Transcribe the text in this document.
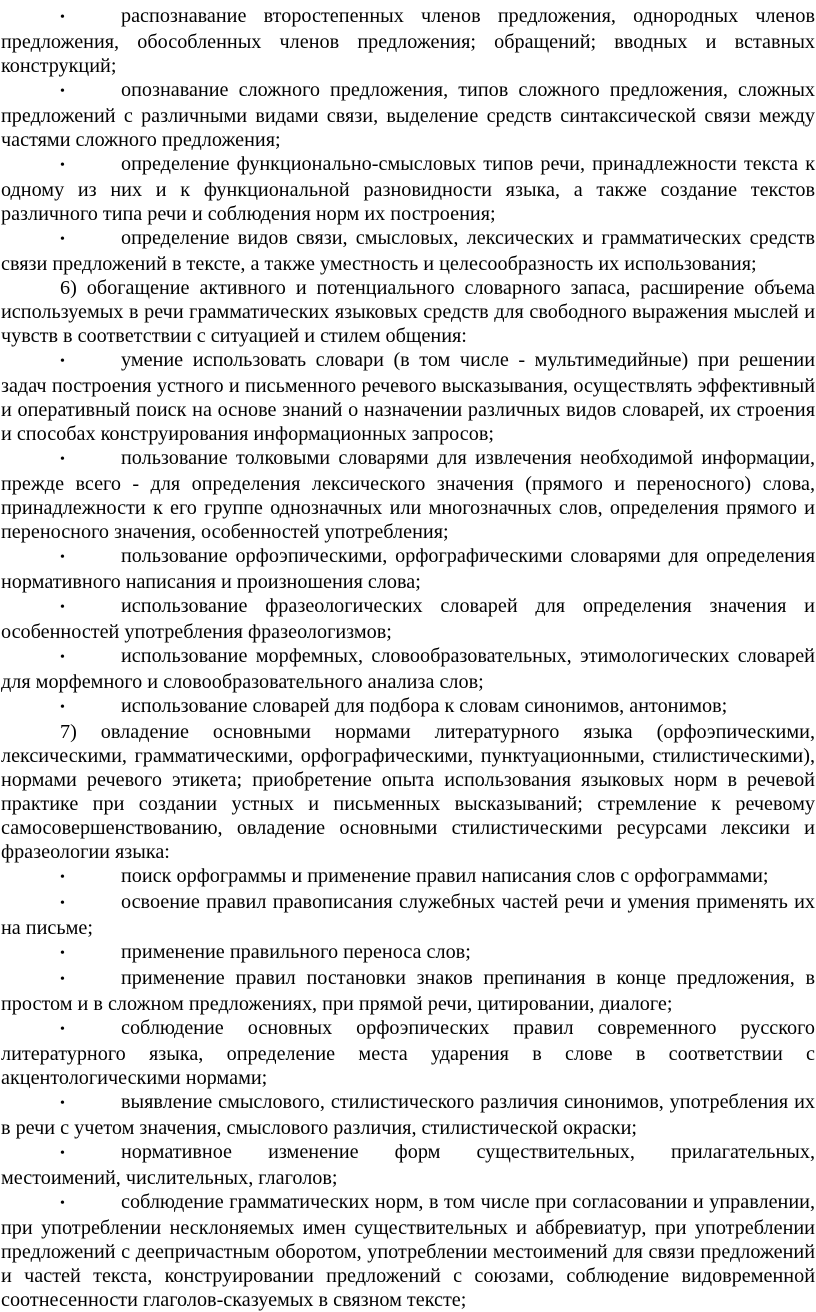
•	распознавание второстепенных членов предложения, однородных членов предложения, обособленных членов предложения; обращений; вводных и вставных конструкций;

•	опознавание сложного предложения, типов сложного предложения, сложных предложений с различными видами связи, выделение средств синтаксической связи между частями сложного предложения;

•	определение функционально-смысловых типов речи, принадлежности текста к одному из них и к функциональной разновидности языка, а также создание текстов различного типа речи и соблюдения норм их построения;

•	определение видов связи, смысловых, лексических и грамматических средств связи предложений в тексте, а также уместность и целесообразность их использования;

6) обогащение активного и потенциального словарного запаса, расширение объема используемых в речи грамматических языковых средств для свободного выражения мыслей и чувств в соответствии с ситуацией и стилем общения:

•	умение использовать словари (в том числе - мультимедийные) при решении задач построения устного и письменного речевого высказывания, осуществлять эффективный и оперативный поиск на основе знаний о назначении различных видов словарей, их строения и способах конструирования информационных запросов;

•	пользование толковыми словарями для извлечения необходимой информации, прежде всего - для определения лексического значения (прямого и переносного) слова, принадлежности к его группе однозначных или многозначных слов, определения прямого и переносного значения, особенностей употребления;

•	пользование орфоэпическими, орфографическими словарями для определения нормативного написания и произношения слова;

•	использование фразеологических словарей для определения значения и особенностей употребления фразеологизмов;

•	использование морфемных, словообразовательных, этимологических словарей для морфемного и словообразовательного анализа слов;

•	использование словарей для подбора к словам синонимов, антонимов;

7) овладение основными нормами литературного языка (орфоэпическими, лексическими, грамматическими, орфографическими, пунктуационными, стилистическими), нормами речевого этикета; приобретение опыта использования языковых норм в речевой практике при создании устных и письменных высказываний; стремление к речевому самосовершенствованию, овладение основными стилистическими ресурсами лексики и фразеологии языка:

•	поиск орфограммы и применение правил написания слов с орфограммами;

•	освоение правил правописания служебных частей речи и умения применять их на письме;

•	применение правильного переноса слов;

•	применение правил постановки знаков препинания в конце предложения, в простом и в сложном предложениях, при прямой речи, цитировании, диалоге;

•	соблюдение основных орфоэпических правил современного русского литературного языка, определение места ударения в слове в соответствии с акцентологическими нормами;

•	выявление смыслового, стилистического различия синонимов, употребления их в речи с учетом значения, смыслового различия, стилистической окраски;

•	нормативное изменение форм существительных, прилагательных, местоимений, числительных, глаголов;

•	соблюдение грамматических норм, в том числе при согласовании и управлении, при употреблении несклоняемых имен существительных и аббревиатур, при употреблении предложений с деепричастным оборотом, употреблении местоимений для связи предложений и частей текста, конструировании предложений с союзами, соблюдение видовременной соотнесенности глаголов-сказуемых в связном тексте;
